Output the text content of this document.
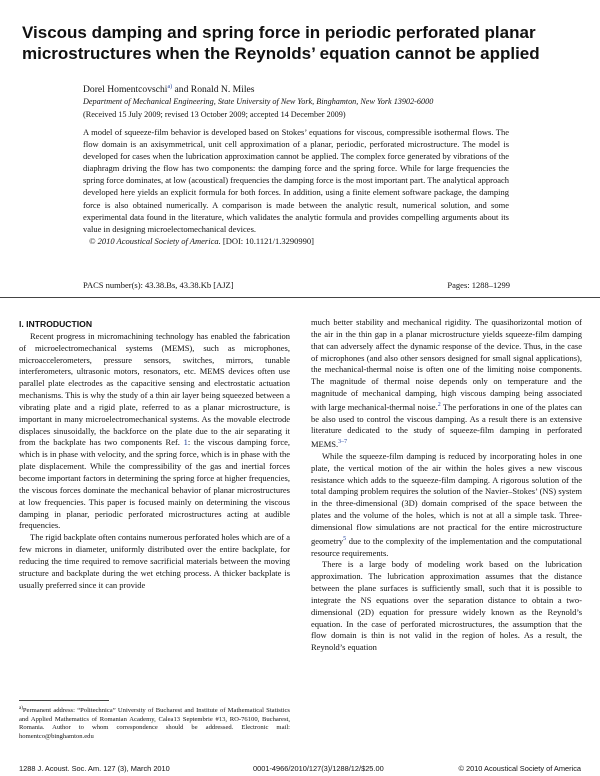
Viscous damping and spring force in periodic perforated planar microstructures when the Reynolds’ equation cannot be applied
Dorel Homentcovschi$^{a)}$ and Ronald N. Miles
Department of Mechanical Engineering, State University of New York, Binghamton, New York 13902-6000
(Received 15 July 2009; revised 13 October 2009; accepted 14 December 2009)

A model of squeeze-film behavior is developed based on Stokes’ equations for viscous, compressible isothermal flows. The flow domain is an axisymmetrical, unit cell approximation of a planar, periodic, perforated microstructure. The model is developed for cases when the lubrication approximation cannot be applied. The complex force generated by vibrations of the diaphragm driving the flow has two components: the damping force and the spring force. While for large frequencies the spring force dominates, at low (acoustical) frequencies the damping force is the most important part. The analytical approach developed here yields an explicit formula for both forces. In addition, using a finite element software package, the damping force is also obtained numerically. A comparison is made between the analytic result, numerical solution, and some experimental data found in the literature, which validates the analytic formula and provides compelling arguments about its value in designing microelectomechanical devices.
© 2010 Acoustical Society of America. [DOI: 10.1121/1.3290990]

PACS number(s): 43.38.Bs, 43.38.Kb [AJZ]	Pages: 1288–1299

I. INTRODUCTION

Recent progress in micromachining technology has enabled the fabrication of microelectromechanical systems (MEMS), such as microphones, microaccelerometers, pressure sensors, switches, mirrors, tunable interferometers, ultrasonic motors, resonators, etc. MEMS devices often use parallel plate electrodes as the capacitive sensing and electrostatic actuation mechanisms. This is why the study of a thin air layer being squeezed between a vibrating plate and a rigid plate, referred to as a planar microstructure, is important in many microelectromechanical systems. As the movable electrode displaces sinusoidally, the backforce on the plate due to the air separating it from the backplate has two components Ref. 1: the viscous damping force, which is in phase with velocity, and the spring force, which is in phase with the plate displacement. While the compressibility of the gas and inertial forces become important factors in determining the spring force at higher frequencies, the viscous forces dominate the mechanical behavior of planar microstructures at low frequencies. This paper is focused mainly on determining the viscous damping in planar, periodic perforated microstructures acting at audible frequencies.

The rigid backplate often contains numerous perforated holes which are of a few microns in diameter, uniformly distributed over the entire backplate, for reducing the time required to remove sacrificial materials between the moving structure and backplate during the wet etching process. A thicker backplate is usually preferred since it can provide

much better stability and mechanical rigidity. The quasihorizontal motion of the air in the thin gap in a planar microstructure yields squeeze-film damping that can adversely affect the dynamic response of the device. Thus, in the case of microphones (and also other sensors designed for small signal applications), the mechanical-thermal noise is often one of the limiting noise components. The magnitude of thermal noise depends only on temperature and the magnitude of mechanical damping, high viscous damping being associated with large mechanical-thermal noise.$^2$ The perforations in one of the plates can be also used to control the viscous damping. As a result there is an extensive literature dedicated to the study of squeeze-film damping in perforated MEMS.$^{3-7}$

While the squeeze-film damping is reduced by incorporating holes in one plate, the vertical motion of the air within the holes gives a new viscous resistance which adds to the squeeze-film damping. A rigorous solution of the total damping problem requires the solution of the Navier–Stokes’ (NS) system in the three-dimensional (3D) domain comprised of the space between the plates and the volume of the holes, which is not at all a simple task. Three-dimensional flow simulations are not practical for the entire microstructure geometry$^5$ due to the complexity of the implementation and the computational resource requirements.

There is a large body of modeling work based on the lubrication approximation. The lubrication approximation assumes that the distance between the plane surfaces is sufficiently small, such that it is possible to integrate the NS equations over the separation distance to obtain a two-dimensional (2D) equation for pressure widely known as the Reynold’s equation. In the case of perforated microstructures, the assumption that the flow domain is thin is not valid in the region of holes. As a result, the Reynold’s equation

$^{a)}$Permanent address: “Politechnica” University of Bucharest and Institute of Mathematical Statistics and Applied Mathematics of Romanian Academy, Calea13 Septembrie #13, RO-76100, Bucharest, Romania. Author to whom correspondence should be addressed. Electronic mail: homentco@binghamton.edu

1288 J. Acoust. Soc. Am. 127 (3), March 2010	0001-4966/2010/127(3)/1288/12/$25.00	© 2010 Acoustical Society of America
